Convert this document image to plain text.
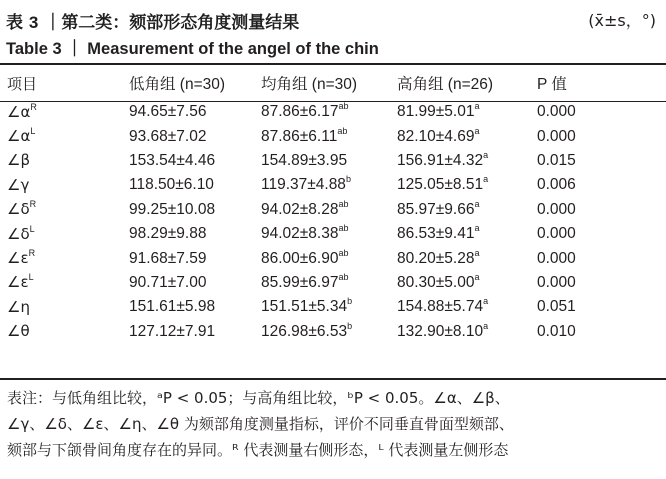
表 3 ｜第二类：颏部形态角度测量结果	(x̄±s，°)
Table 3 ｜ Measurement of the angel of the chin
项目	低角组 (n=30)	均角组 (n=30)	高角组 (n=26)	P 值
$\angle\alpha^R$	94.65±7.56	87.86±6.17$^{ab}$	81.99±5.01$^a$	0.000
$\angle\alpha^L$	93.68±7.02	87.86±6.11$^{ab}$	82.10±4.69$^a$	0.000
∠β	153.54±4.46	154.89±3.95	156.91±4.32$^a$	0.015
∠γ	118.50±6.10	119.37±4.88$^b$	125.05±8.51$^a$	0.006
$\angle\delta^R$	99.25±10.08	94.02±8.28$^{ab}$	85.97±9.66$^a$	0.000
$\angle\delta^L$	98.29±9.88	94.02±8.38$^{ab}$	86.53±9.41$^a$	0.000
$\angle\varepsilon^R$	91.68±7.59	86.00±6.90$^{ab}$	80.20±5.28$^a$	0.000
$\angle\varepsilon^L$	90.71±7.00	85.99±6.97$^{ab}$	80.30±5.00$^a$	0.000
∠η	151.61±5.98	151.51±5.34$^b$	154.88±5.74$^a$	0.051
∠θ	127.12±7.91	126.98±6.53$^b$	132.90±8.10$^a$	0.010

表注：与低角组比较，ᵃP < 0.05；与高角组比较，ᵇP < 0.05。∠α、∠β、

∠γ、∠δ、∠ε、∠η、∠θ 为颏部角度测量指标，评价不同垂直骨面型颏部、

颏部与下颌骨间角度存在的异同。ᴿ 代表测量右侧形态，ᴸ 代表测量左侧形态
